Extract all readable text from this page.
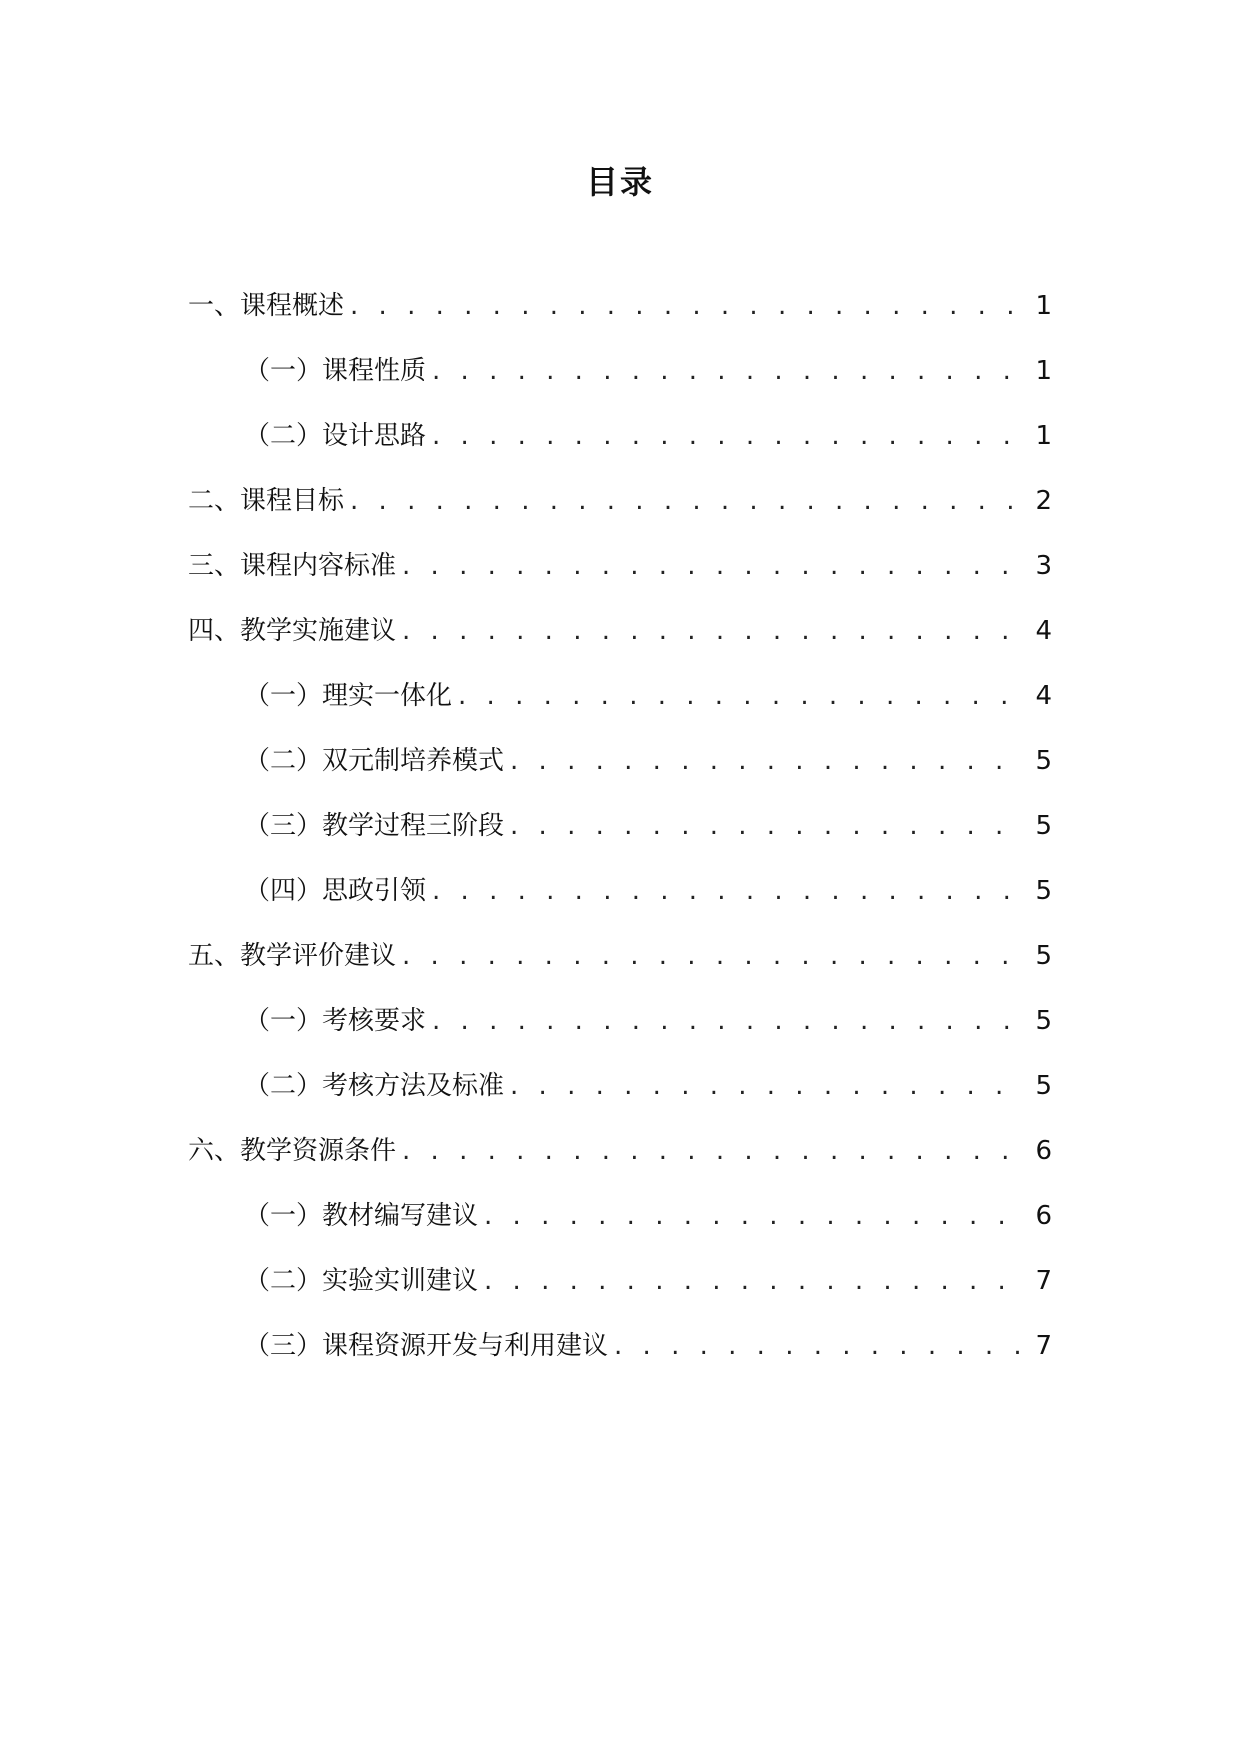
目录
一、课程概述 . . .	1
（一）课程性质 . . .	1
（二）设计思路 . . .	1
二、课程目标 . . .	2
三、课程内容标准 . . .	3
四、教学实施建议 . . .	4
（一）理实一体化 . . .	4
（二）双元制培养模式 . . .	5
（三）教学过程三阶段 . . .	5
（四）思政引领 . . .	5
五、教学评价建议 . . .	5
（一）考核要求 . . .	5
（二）考核方法及标准 . . .	5
六、教学资源条件 . . .	6
（一）教材编写建议 . . .	6
（二）实验实训建议 . . .	7
（三）课程资源开发与利用建议 . . .	7
